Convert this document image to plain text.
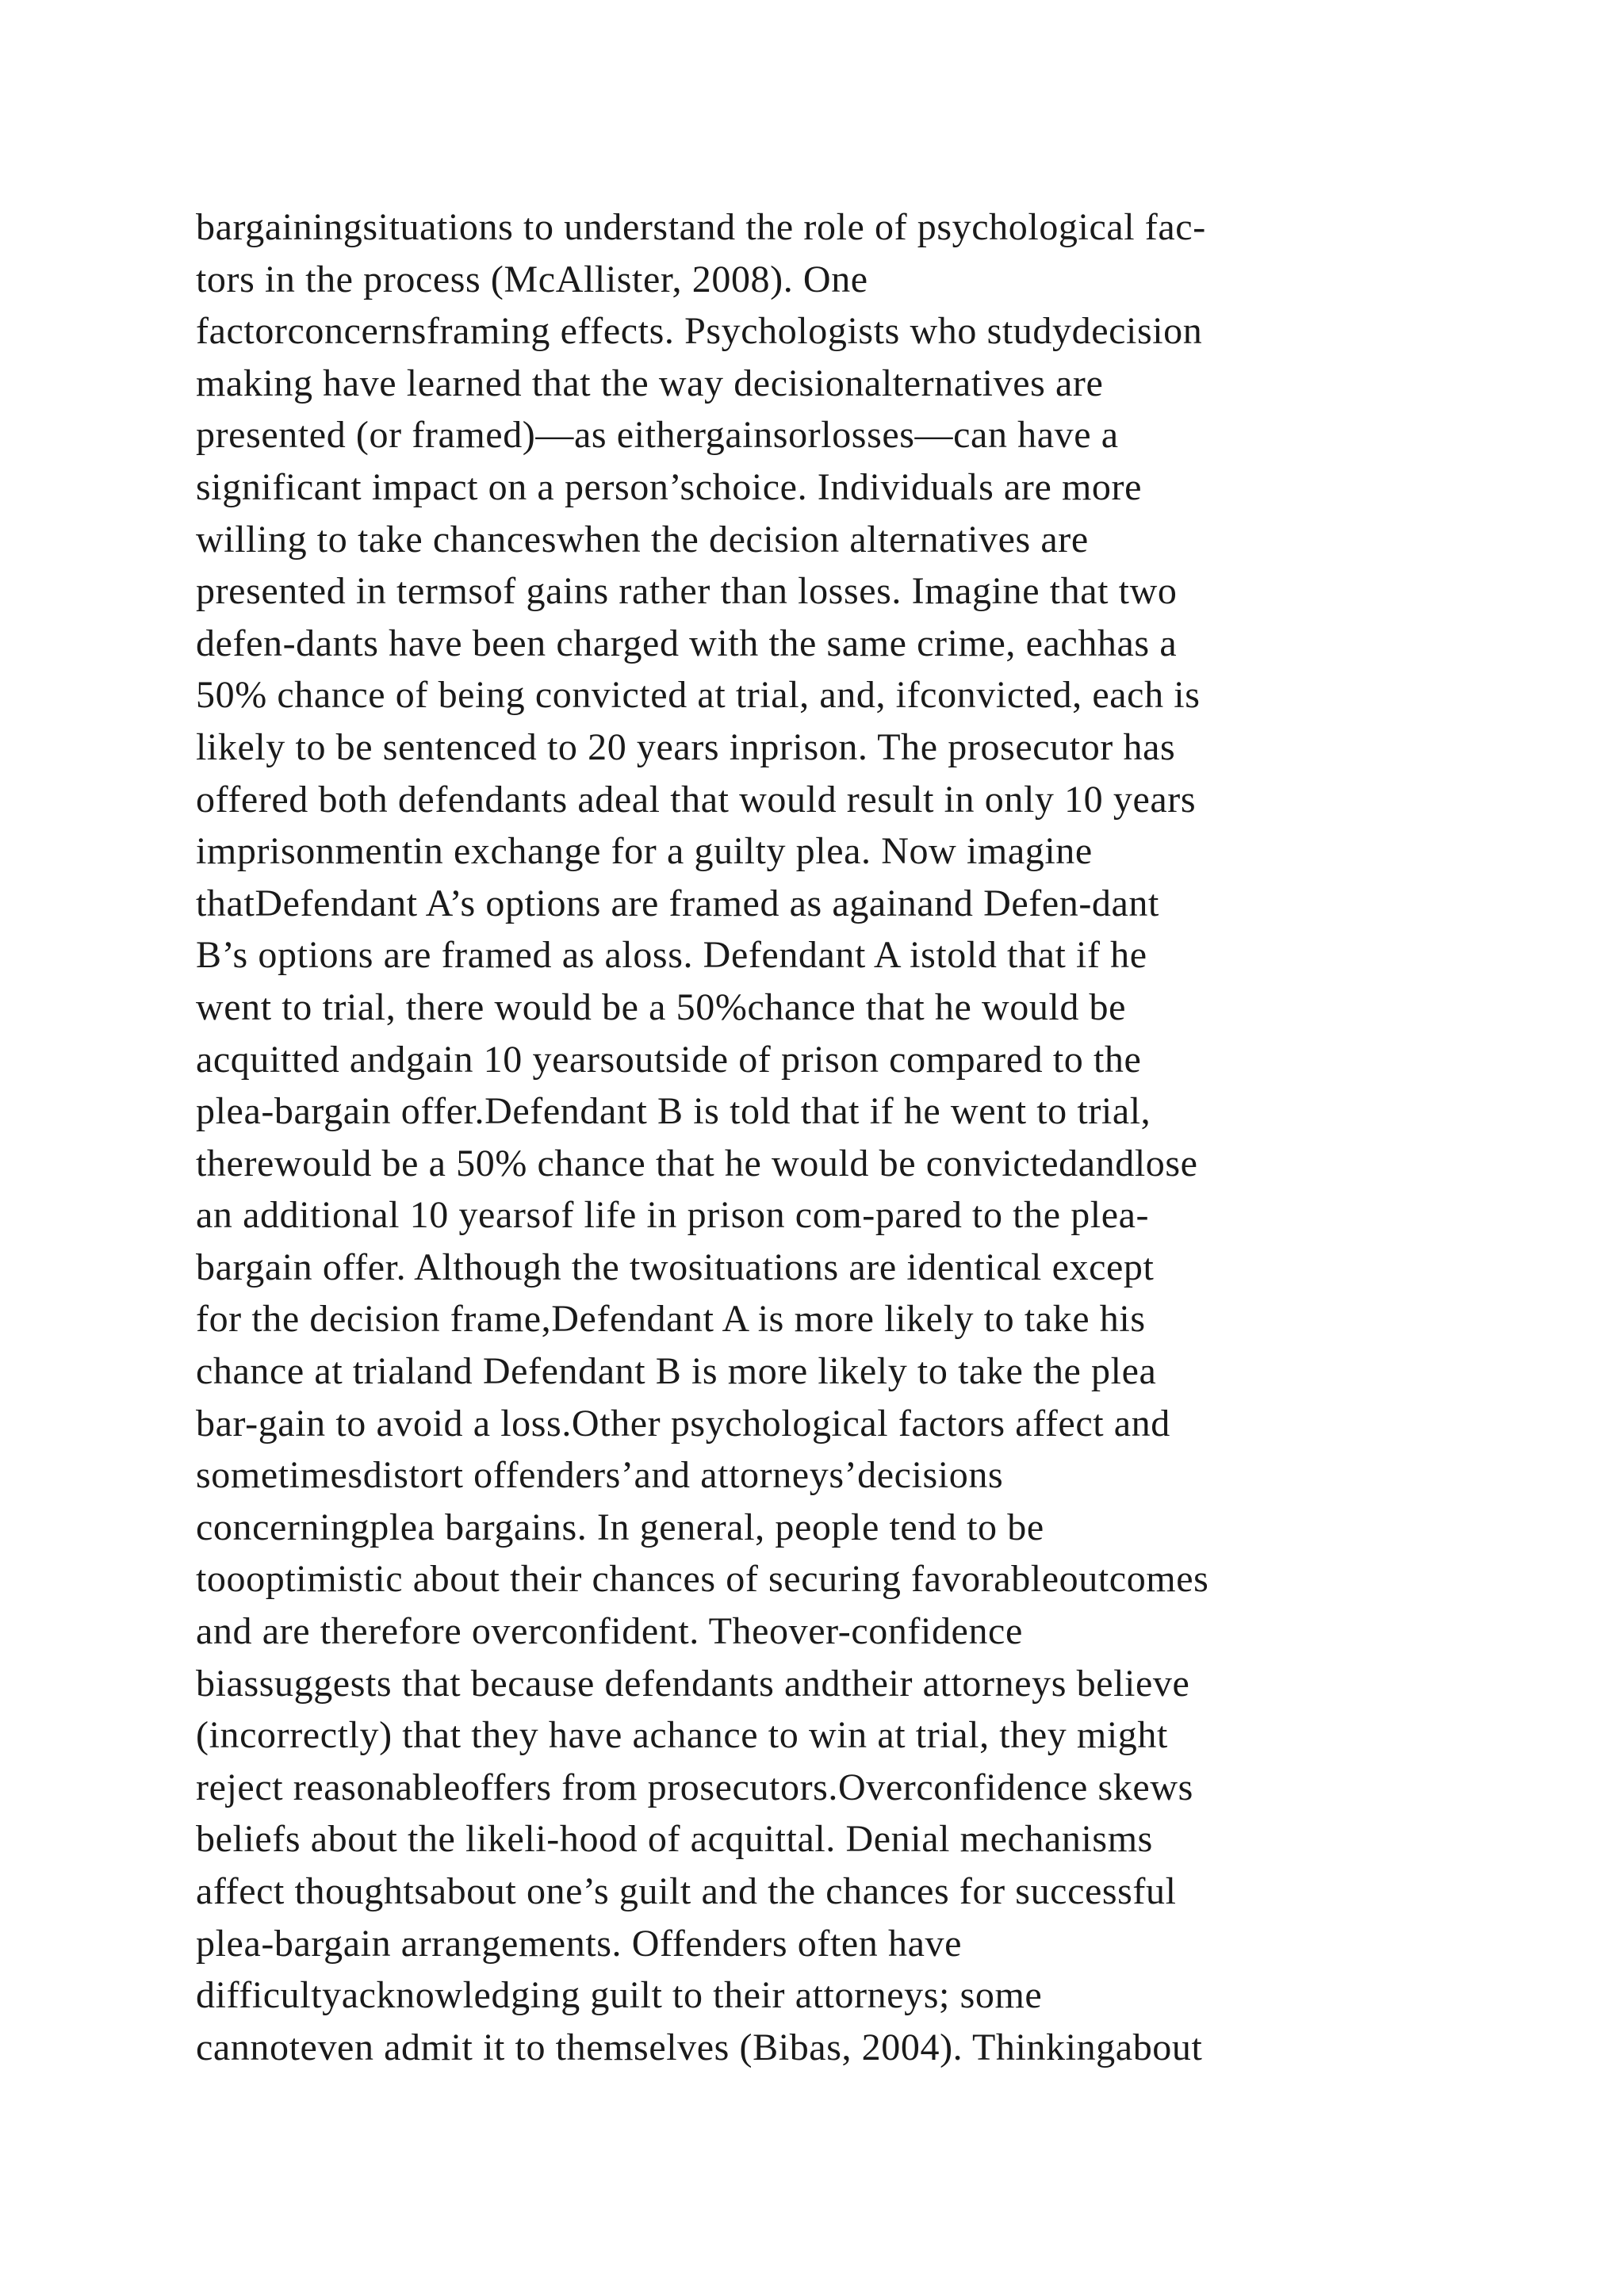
bargainingsituations to understand the role of psychological fac-
tors in the process (McAllister, 2008). One
factorconcernsframing effects. Psychologists who studydecision
making have learned that the way decisionalternatives are
presented (or framed)—as eithergainsorlosses—can have a
significant impact on a person’schoice. Individuals are more
willing to take chanceswhen the decision alternatives are
presented in termsof gains rather than losses. Imagine that two
defen-dants have been charged with the same crime, eachhas a
50% chance of being convicted at trial, and, ifconvicted, each is
likely to be sentenced to 20 years inprison. The prosecutor has
offered both defendants adeal that would result in only 10 years
imprisonmentin exchange for a guilty plea. Now imagine
thatDefendant A’s options are framed as againand Defen-dant
B’s options are framed as aloss. Defendant A istold that if he
went to trial, there would be a 50%chance that he would be
acquitted andgain 10 yearsoutside of prison compared to the
plea-bargain offer.Defendant B is told that if he went to trial,
therewould be a 50% chance that he would be convictedandlose
an additional 10 yearsof life in prison com-pared to the plea-
bargain offer. Although the twosituations are identical except
for the decision frame,Defendant A is more likely to take his
chance at trialand Defendant B is more likely to take the plea
bar-gain to avoid a loss.Other psychological factors affect and
sometimesdistort offenders’and attorneys’decisions
concerningplea bargains. In general, people tend to be
toooptimistic about their chances of securing favorableoutcomes
and are therefore overconfident. Theover-confidence
biassuggests that because defendants andtheir attorneys believe
(incorrectly) that they have achance to win at trial, they might
reject reasonableoffers from prosecutors.Overconfidence skews
beliefs about the likeli-hood of acquittal. Denial mechanisms
affect thoughtsabout one’s guilt and the chances for successful
plea-bargain arrangements. Offenders often have
difficultyacknowledging guilt to their attorneys; some
cannoteven admit it to themselves (Bibas, 2004). Thinkingabout
